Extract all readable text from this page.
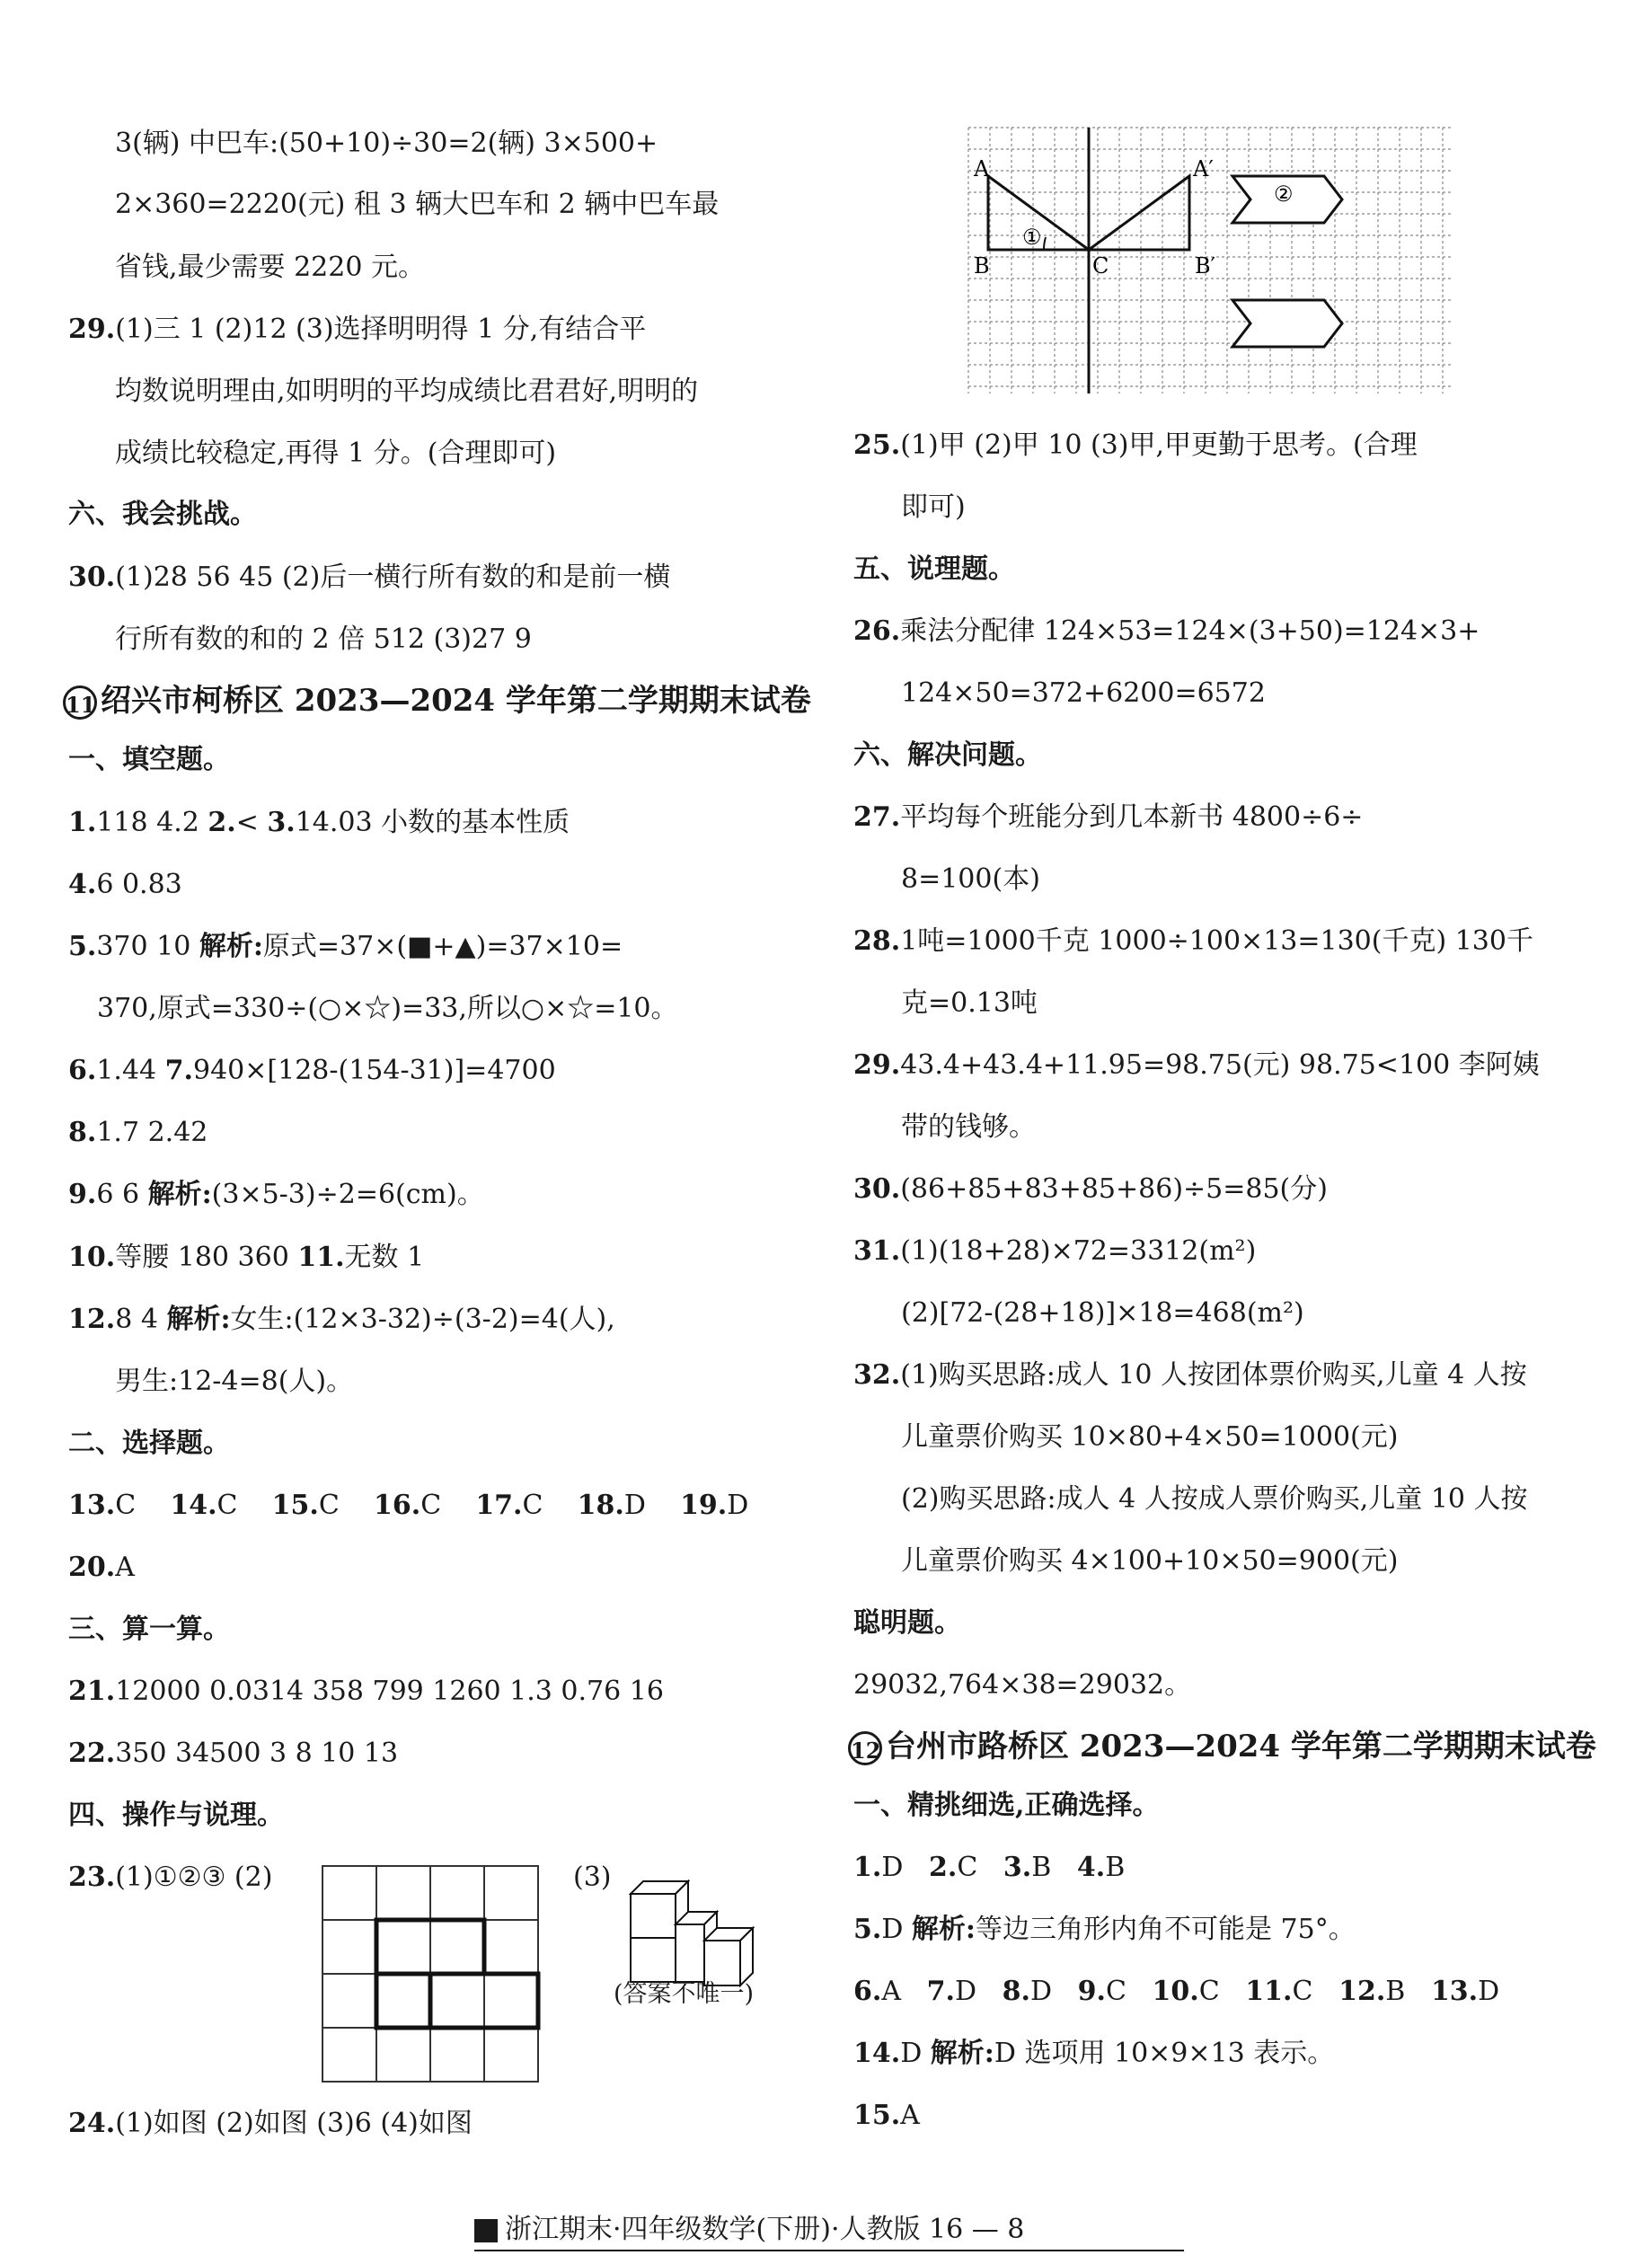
3(辆) 中巴车:(50+10)÷30=2(辆) 3×500+
2×360=2220(元) 租 3 辆大巴车和 2 辆中巴车最
省钱,最少需要 2220 元。
29.(1)三 1 (2)12 (3)选择明明得 1 分,有结合平
均数说明理由,如明明的平均成绩比君君好,明明的
成绩比较稳定,再得 1 分。(合理即可)
六、我会挑战。
30.(1)28 56 45 (2)后一横行所有数的和是前一横
行所有数的和的 2 倍 512 (3)27 9
11 绍兴市柯桥区 2023—2024 学年第二学期期末试卷
一、填空题。
1.118 4.2 2.< 3.14.03 小数的基本性质
4.6 0.83
5.370 10 解析:原式=37×(■+▲)=37×10=
370,原式=330÷(○×☆)=33,所以○×☆=10。
6.1.44 7.940×[128-(154-31)]=4700
8.1.7 2.42
9.6 6 解析:(3×5-3)÷2=6(cm)。
10.等腰 180 360 11.无数 1
12.8 4 解析:女生:(12×3-32)÷(3-2)=4(人),
男生:12-4=8(人)。
二、选择题。
13.C 14.C 15.C 16.C 17.C 18.D 19.D
20.A
三、算一算。
21.12000 0.0314 358 799 1260 1.3 0.76 16
22.350 34500 3 8 10 13
四、操作与说理。
23.(1)①②③ (2)	(3)
(答案不唯一)
24.(1)如图 (2)如图 (3)6 (4)如图
A	A′
B	B′
C
①
②
25.(1)甲 (2)甲 10 (3)甲,甲更勤于思考。(合理
即可)
五、说理题。
26.乘法分配律 124×53=124×(3+50)=124×3+
124×50=372+6200=6572
六、解决问题。
27.平均每个班能分到几本新书 4800÷6÷
8=100(本)
28.1吨=1000千克 1000÷100×13=130(千克) 130千
克=0.13吨
29.43.4+43.4+11.95=98.75(元) 98.75<100 李阿姨
带的钱够。
30.(86+85+83+85+86)÷5=85(分)
31.(1)(18+28)×72=3312(m²)
(2)[72-(28+18)]×18=468(m²)
32.(1)购买思路:成人 10 人按团体票价购买,儿童 4 人按
儿童票价购买 10×80+4×50=1000(元)
(2)购买思路:成人 4 人按成人票价购买,儿童 10 人按
儿童票价购买 4×100+10×50=900(元)
聪明题。
29032,764×38=29032。
12 台州市路桥区 2023—2024 学年第二学期期末试卷
一、精挑细选,正确选择。
1.D 2.C 3.B 4.B
5.D 解析:等边三角形内角不可能是 75°。
6.A 7.D 8.D 9.C 10.C 11.C 12.B 13.D
14.D 解析:D 选项用 10×9×13 表示。
15.A
浙江期末·四年级数学(下册)·人教版 16 — 8
